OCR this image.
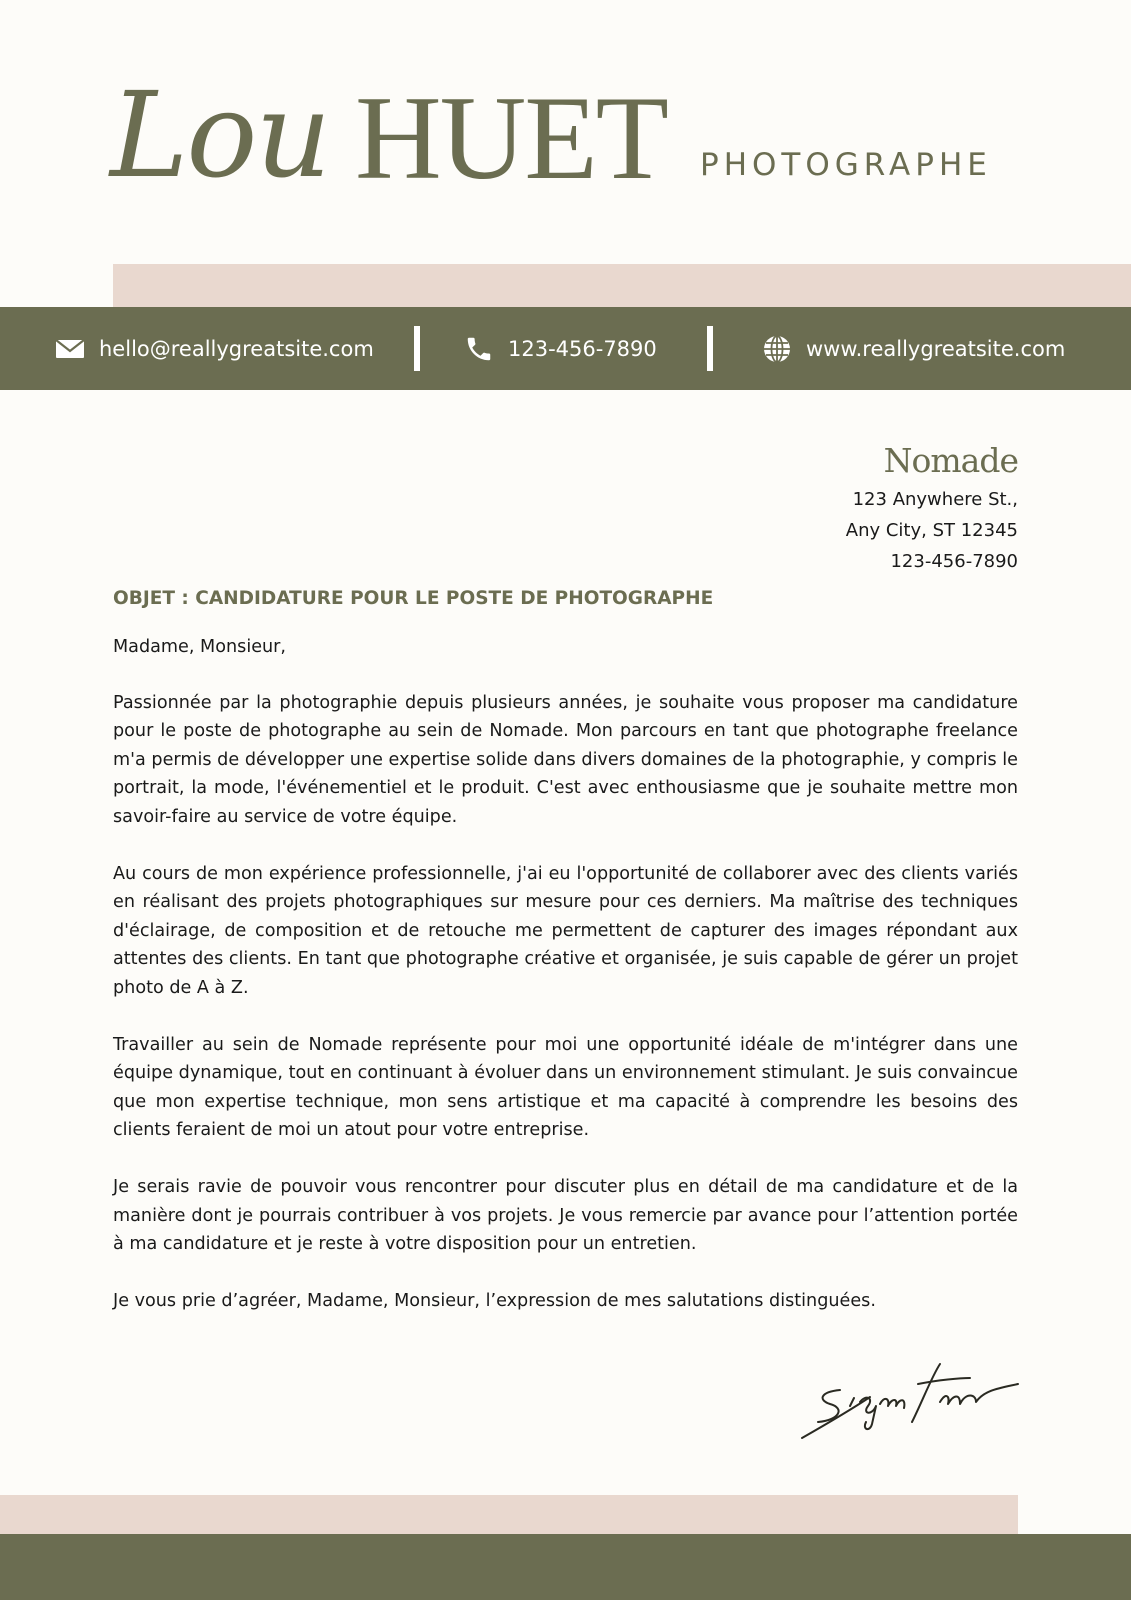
Lou HUET PHOTOGRAPHE
hello@reallygreatsite.com	123-456-7890	www.reallygreatsite.com
Nomade
123 Anywhere St.,
Any City, ST 12345
123-456-7890
OBJET : CANDIDATURE POUR LE POSTE DE PHOTOGRAPHE

Madame, Monsieur,

Passionnée par la photographie depuis plusieurs années, je souhaite vous proposer ma candidature pour le poste de photographe au sein de Nomade. Mon parcours en tant que photographe freelance m'a permis de développer une expertise solide dans divers domaines de la photographie, y compris le portrait, la mode, l'événementiel et le produit. C'est avec enthousiasme que je souhaite mettre mon savoir-faire au service de votre équipe.

Au cours de mon expérience professionnelle, j'ai eu l'opportunité de collaborer avec des clients variés en réalisant des projets photographiques sur mesure pour ces derniers. Ma maîtrise des techniques d'éclairage, de composition et de retouche me permettent de capturer des images répondant aux attentes des clients. En tant que photographe créative et organisée, je suis capable de gérer un projet photo de A à Z.

Travailler au sein de Nomade représente pour moi une opportunité idéale de m'intégrer dans une équipe dynamique, tout en continuant à évoluer dans un environnement stimulant. Je suis convaincue que mon expertise technique, mon sens artistique et ma capacité à comprendre les besoins des clients feraient de moi un atout pour votre entreprise.

Je serais ravie de pouvoir vous rencontrer pour discuter plus en détail de ma candidature et de la manière dont je pourrais contribuer à vos projets. Je vous remercie par avance pour l’attention portée à ma candidature et je reste à votre disposition pour un entretien.

Je vous prie d’agréer, Madame, Monsieur, l’expression de mes salutations distinguées.
